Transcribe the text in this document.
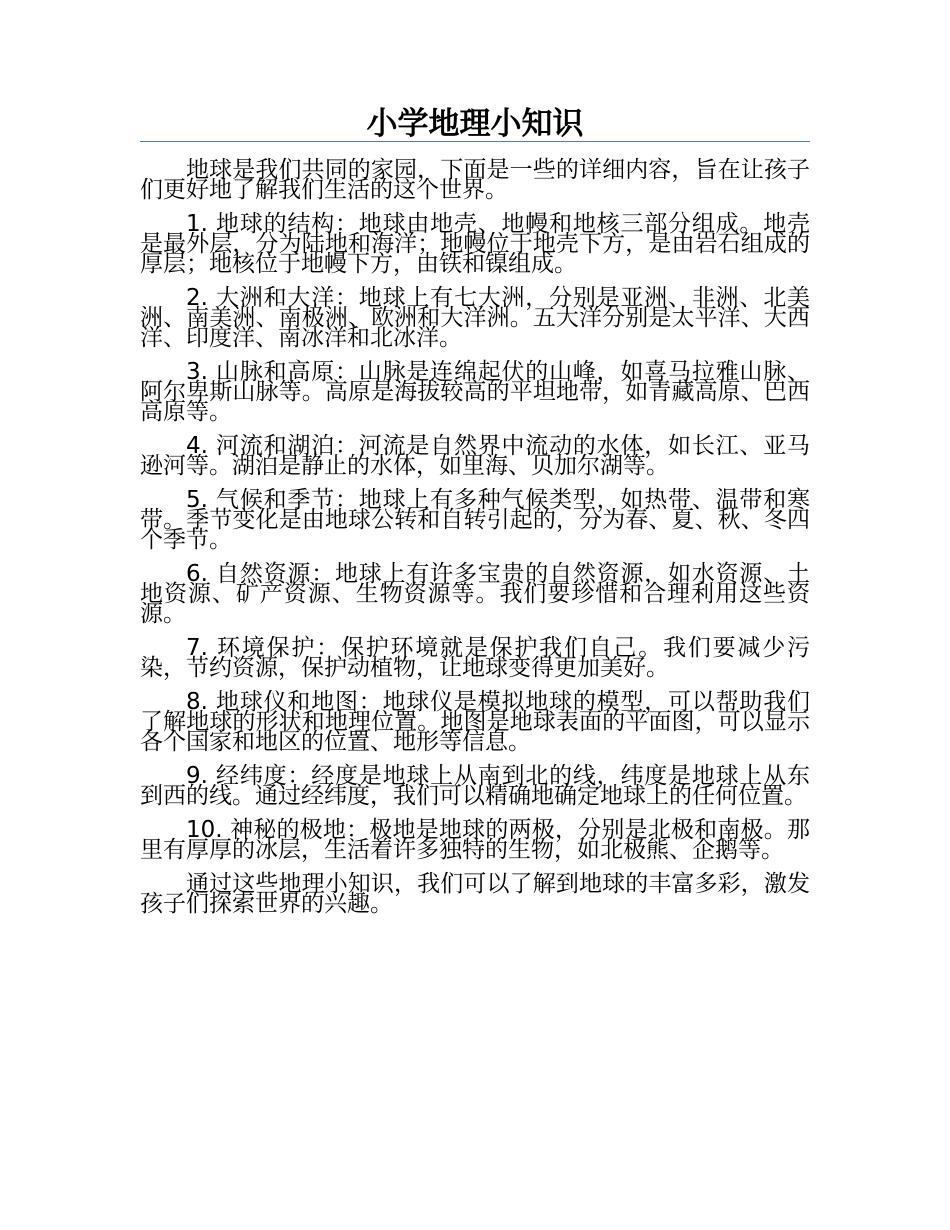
小学地理小知识

地球是我们共同的家园，下面是一些的详细内容，旨在让孩子们更好地了解我们生活的这个世界。

1. 地球的结构：地球由地壳、地幔和地核三部分组成。地壳是最外层，分为陆地和海洋；地幔位于地壳下方，是由岩石组成的厚层；地核位于地幔下方，由铁和镍组成。

2. 大洲和大洋：地球上有七大洲，分别是亚洲、非洲、北美洲、南美洲、南极洲、欧洲和大洋洲。五大洋分别是太平洋、大西洋、印度洋、南冰洋和北冰洋。

3. 山脉和高原：山脉是连绵起伏的山峰，如喜马拉雅山脉、阿尔卑斯山脉等。高原是海拔较高的平坦地带，如青藏高原、巴西高原等。

4. 河流和湖泊：河流是自然界中流动的水体，如长江、亚马逊河等。湖泊是静止的水体，如里海、贝加尔湖等。

5. 气候和季节：地球上有多种气候类型，如热带、温带和寒带。季节变化是由地球公转和自转引起的，分为春、夏、秋、冬四个季节。

6. 自然资源：地球上有许多宝贵的自然资源，如水资源、土地资源、矿产资源、生物资源等。我们要珍惜和合理利用这些资源。

7. 环境保护：保护环境就是保护我们自己。我们要减少污染，节约资源，保护动植物，让地球变得更加美好。

8. 地球仪和地图：地球仪是模拟地球的模型，可以帮助我们了解地球的形状和地理位置。地图是地球表面的平面图，可以显示各个国家和地区的位置、地形等信息。

9. 经纬度：经度是地球上从南到北的线，纬度是地球上从东到西的线。通过经纬度，我们可以精确地确定地球上的任何位置。

10. 神秘的极地：极地是地球的两极，分别是北极和南极。那里有厚厚的冰层，生活着许多独特的生物，如北极熊、企鹅等。

通过这些地理小知识，我们可以了解到地球的丰富多彩，激发孩子们探索世界的兴趣。
